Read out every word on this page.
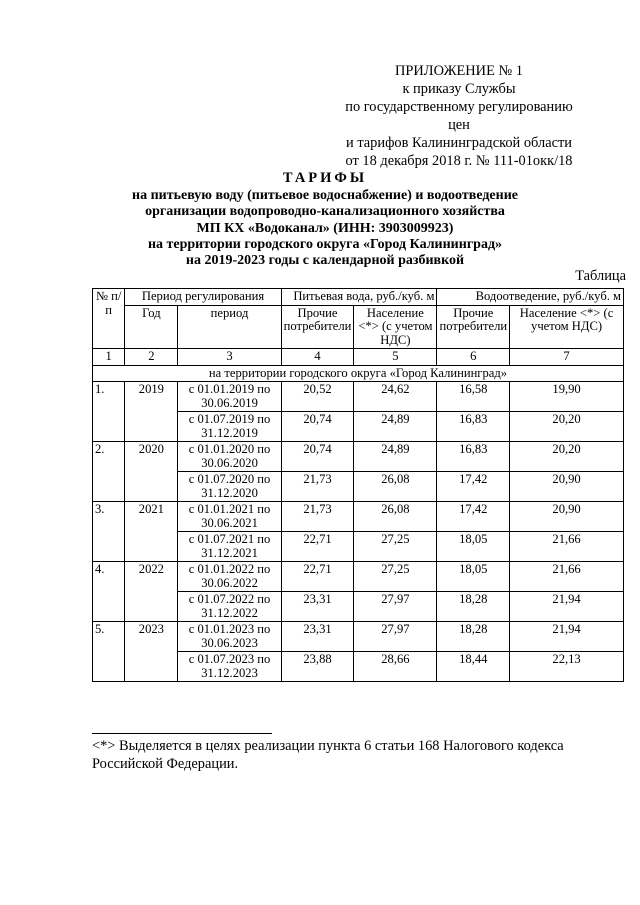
ПРИЛОЖЕНИЕ № 1
к приказу Службы
по государственному регулированию цен
и тарифов Калининградской области
от 18 декабря 2018 г. № 111-01окк/18
ТАРИФЫ
на питьевую воду (питьевое водоснабжение) и водоотведение
организации водопроводно-канализационного хозяйства
МП КХ «Водоканал» (ИНН: 3903009923)
на территории городского округа «Город Калининград»
на 2019-2023 годы с календарной разбивкой
Таблица
№ п/п	Период регулирования		Питьевая вода, руб./куб. м		Водоотведение, руб./куб. м	
	Год	период	Прочие потребители	Население <*> (с учетом НДС)	Прочие потребители	Население <*> (с учетом НДС)
1	2	3	4	5	6	7
на территории городского округа «Город Калининград»						
1.	2019	с 01.01.2019 по 30.06.2019	20,52	24,62	16,58	19,90
		с 01.07.2019 по 31.12.2019	20,74	24,89	16,83	20,20
2.	2020	с 01.01.2020 по 30.06.2020	20,74	24,89	16,83	20,20
		с 01.07.2020 по 31.12.2020	21,73	26,08	17,42	20,90
3.	2021	с 01.01.2021 по 30.06.2021	21,73	26,08	17,42	20,90
		с 01.07.2021 по 31.12.2021	22,71	27,25	18,05	21,66
4.	2022	с 01.01.2022 по 30.06.2022	22,71	27,25	18,05	21,66
		с 01.07.2022 по 31.12.2022	23,31	27,97	18,28	21,94
5.	2023	с 01.01.2023 по 30.06.2023	23,31	27,97	18,28	21,94
		с 01.07.2023 по 31.12.2023	23,88	28,66	18,44	22,13
<*> Выделяется в целях реализации пункта 6 статьи 168 Налогового кодекса Российской Федерации.
